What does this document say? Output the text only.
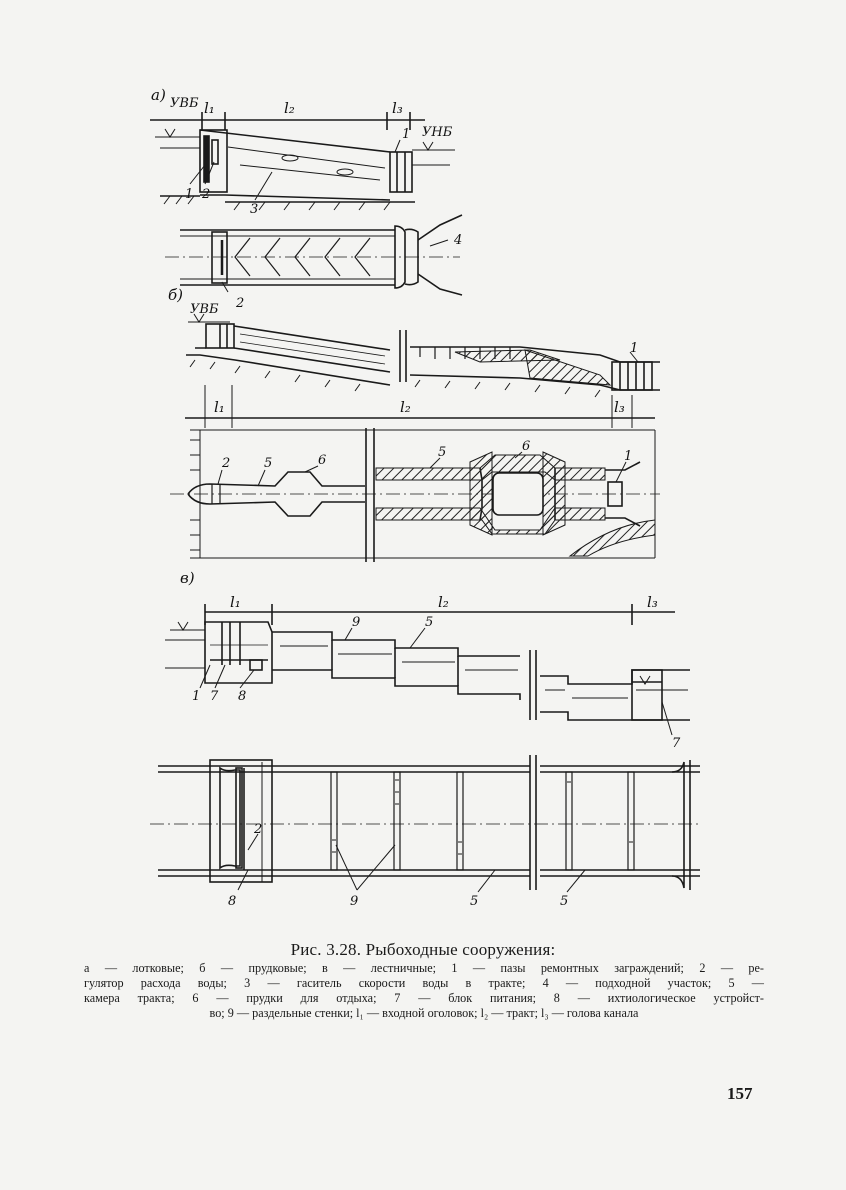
а) УВБ l₁	l₂	l₃
1 УНБ
1 2
3
4
2
б)
УВБ
1
l₁	l₂	l₃
2	5	6
5	6
1
в)
l₁	l₂	l₃
9	5
1 7 8
7
2
8	9	5	5
Рис. 3.28. Рыбоходные сооружения:
а — лотковые; б — прудковые; в — лестничные; 1 — пазы ремонтных заграждений; 2 — ре-
гулятор расхода воды; 3 — гаситель скорости воды в тракте; 4 — подходной участок; 5 —
камера тракта; 6 — прудки для отдыха; 7 — блок питания; 8 — ихтиологическое устройст-
во; 9 — раздельные стенки; l₁ — входной оголовок; l₂ — тракт; l₃ — голова канала
157
